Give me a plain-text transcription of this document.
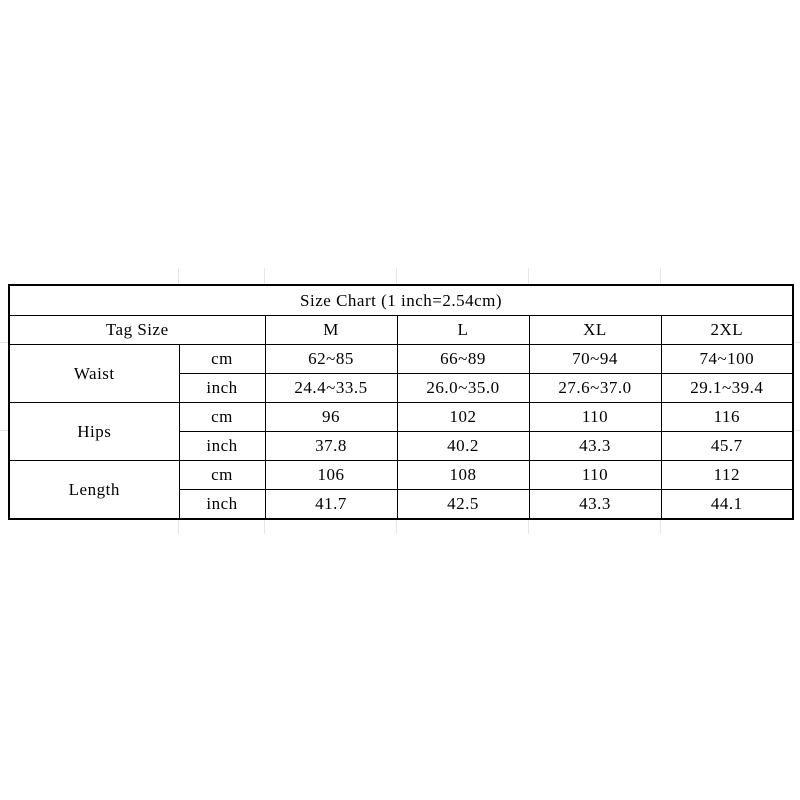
Size Chart (1 inch=2.54cm)					
Tag Size		M	L	XL	2XL
Waist	cm	62~85	66~89	70~94	74~100
	inch	24.4~33.5	26.0~35.0	27.6~37.0	29.1~39.4
Hips	cm	96	102	110	116
	inch	37.8	40.2	43.3	45.7
Length	cm	106	108	110	112
	inch	41.7	42.5	43.3	44.1
